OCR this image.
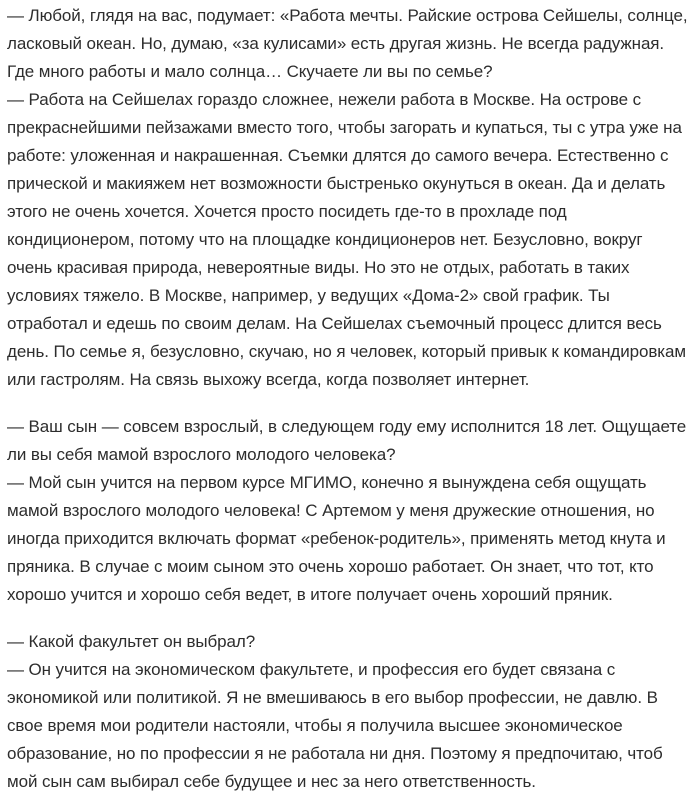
— Любой, глядя на вас, подумает: «Работа мечты. Райские острова Сейшелы, солнце, ласковый океан. Но, думаю, «за кулисами» есть другая жизнь. Не всегда радужная. Где много работы и мало солнца… Скучаете ли вы по семье?

— Работа на Сейшелах гораздо сложнее, нежели работа в Москве. На острове с прекраснейшими пейзажами вместо того, чтобы загорать и купаться, ты с утра уже на работе: уложенная и накрашенная. Съемки длятся до самого вечера. Естественно с прической и макияжем нет возможности быстренько окунуться в океан. Да и делать этого не очень хочется. Хочется просто посидеть где-то в прохладе под кондиционером, потому что на площадке кондиционеров нет. Безусловно, вокруг очень красивая природа, невероятные виды. Но это не отдых, работать в таких условиях тяжело. В Москве, например, у ведущих «Дома-2» свой график. Ты отработал и едешь по своим делам. На Сейшелах съемочный процесс длится весь день. По семье я, безусловно, скучаю, но я человек, который привык к командировкам или гастролям. На связь выхожу всегда, когда позволяет интернет.

— Ваш сын — совсем взрослый, в следующем году ему исполнится 18 лет. Ощущаете ли вы себя мамой взрослого молодого человека?

— Мой сын учится на первом курсе МГИМО, конечно я вынуждена себя ощущать мамой взрослого молодого человека! С Артемом у меня дружеские отношения, но иногда приходится включать формат «ребенок-родитель», применять метод кнута и пряника. В случае с моим сыном это очень хорошо работает. Он знает, что тот, кто хорошо учится и хорошо себя ведет, в итоге получает очень хороший пряник.

— Какой факультет он выбрал?

— Он учится на экономическом факультете, и профессия его будет связана с экономикой или политикой. Я не вмешиваюсь в его выбор профессии, не давлю. В свое время мои родители настояли, чтобы я получила высшее экономическое образование, но по профессии я не работала ни дня. Поэтому я предпочитаю, чтоб мой сын сам выбирал себе будущее и нес за него ответственность.
